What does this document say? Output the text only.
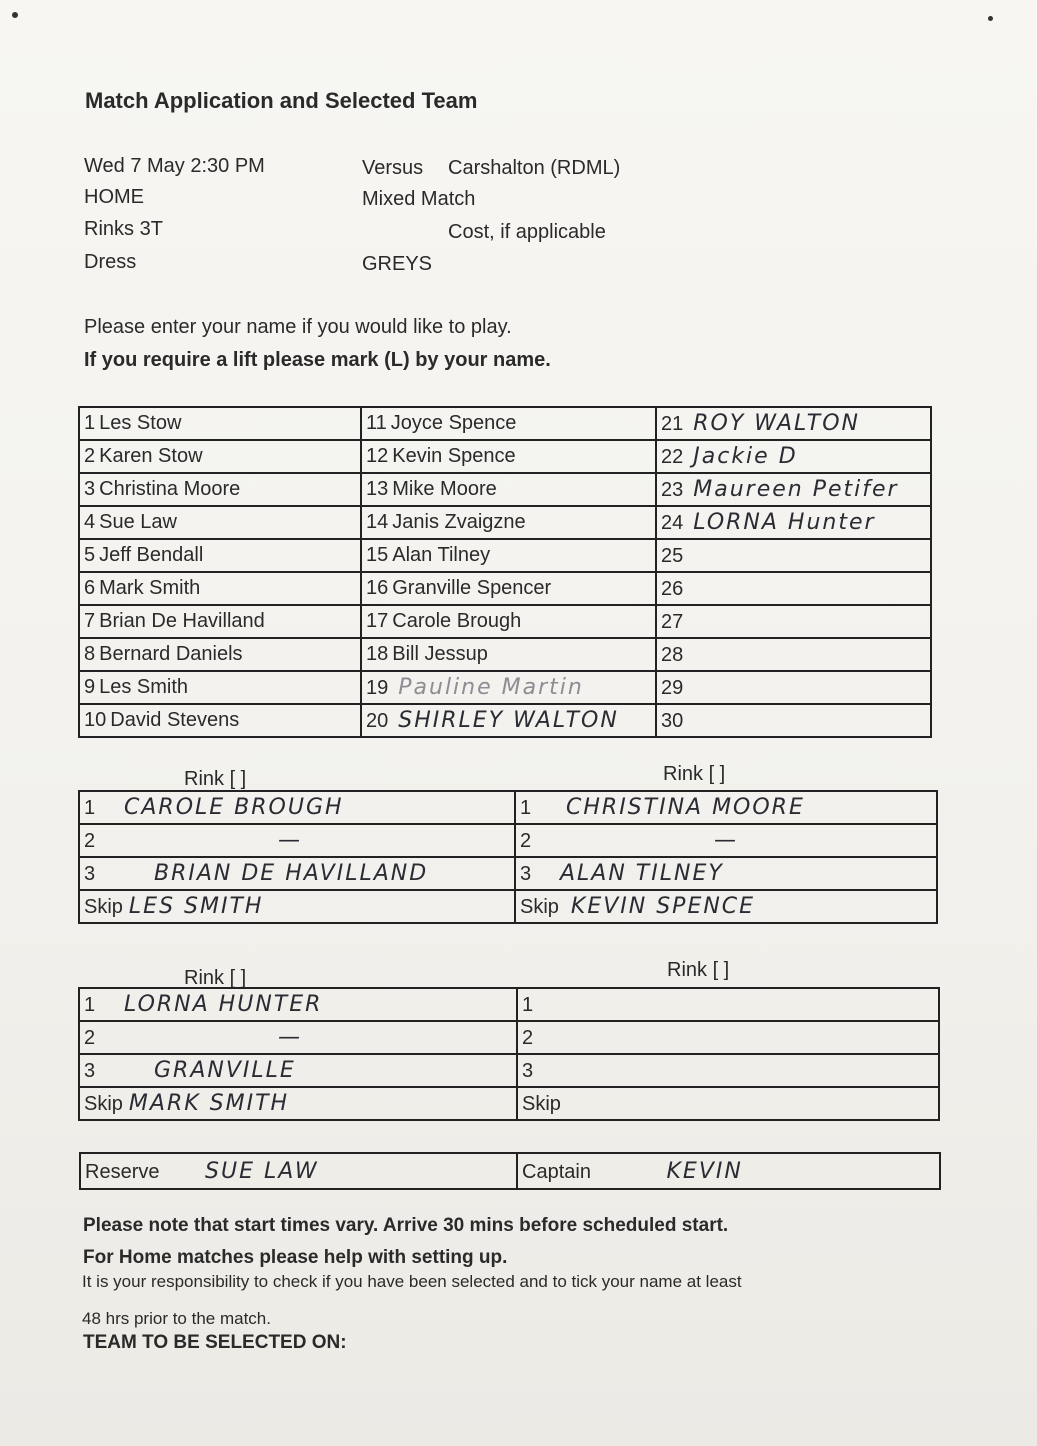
Match Application and Selected Team
Wed 7 May 2:30 PM
HOME
Rinks 3T
Dress
Versus Carshalton (RDML)
Mixed Match
Cost, if applicable
GREYS
Please enter your name if you would like to play.
If you require a lift please mark (L) by your name.
1 Les Stow	11 Joyce Spence	21 ROY WALTON
2 Karen Stow	12 Kevin Spence	22 Jackie D
3 Christina Moore	13 Mike Moore	23 Maureen Petifer
4 Sue Law	14 Janis Zvaigzne	24 LORNA Hunter
5 Jeff Bendall	15 Alan Tilney	25
6 Mark Smith	16 Granville Spencer	26
7 Brian De Havilland	17 Carole Brough	27
8 Bernard Daniels	18 Bill Jessup	28
9 Les Smith	19 Pauline Martin	29
10 David Stevens	20 SHIRLEY WALTON	30
Rink [ ]	Rink [ ]
1 CAROLE BROUGH	1 CHRISTINA MOORE
2 —	2 —
3 BRIAN DE HAVILLAND	3 ALAN TILNEY
Skip LES SMITH	Skip KEVIN SPENCE
Rink [ ]	Rink [ ]
1 LORNA HUNTER	1
2 —	2
3 GRANVILLE	3
Skip MARK SMITH	Skip
Reserve SUE LAW	Captain	KEVIN
Please note that start times vary. Arrive 30 mins before scheduled start.
For Home matches please help with setting up.
It is your responsibility to check if you have been selected and to tick your name at least
48 hrs prior to the match.
TEAM TO BE SELECTED ON:
